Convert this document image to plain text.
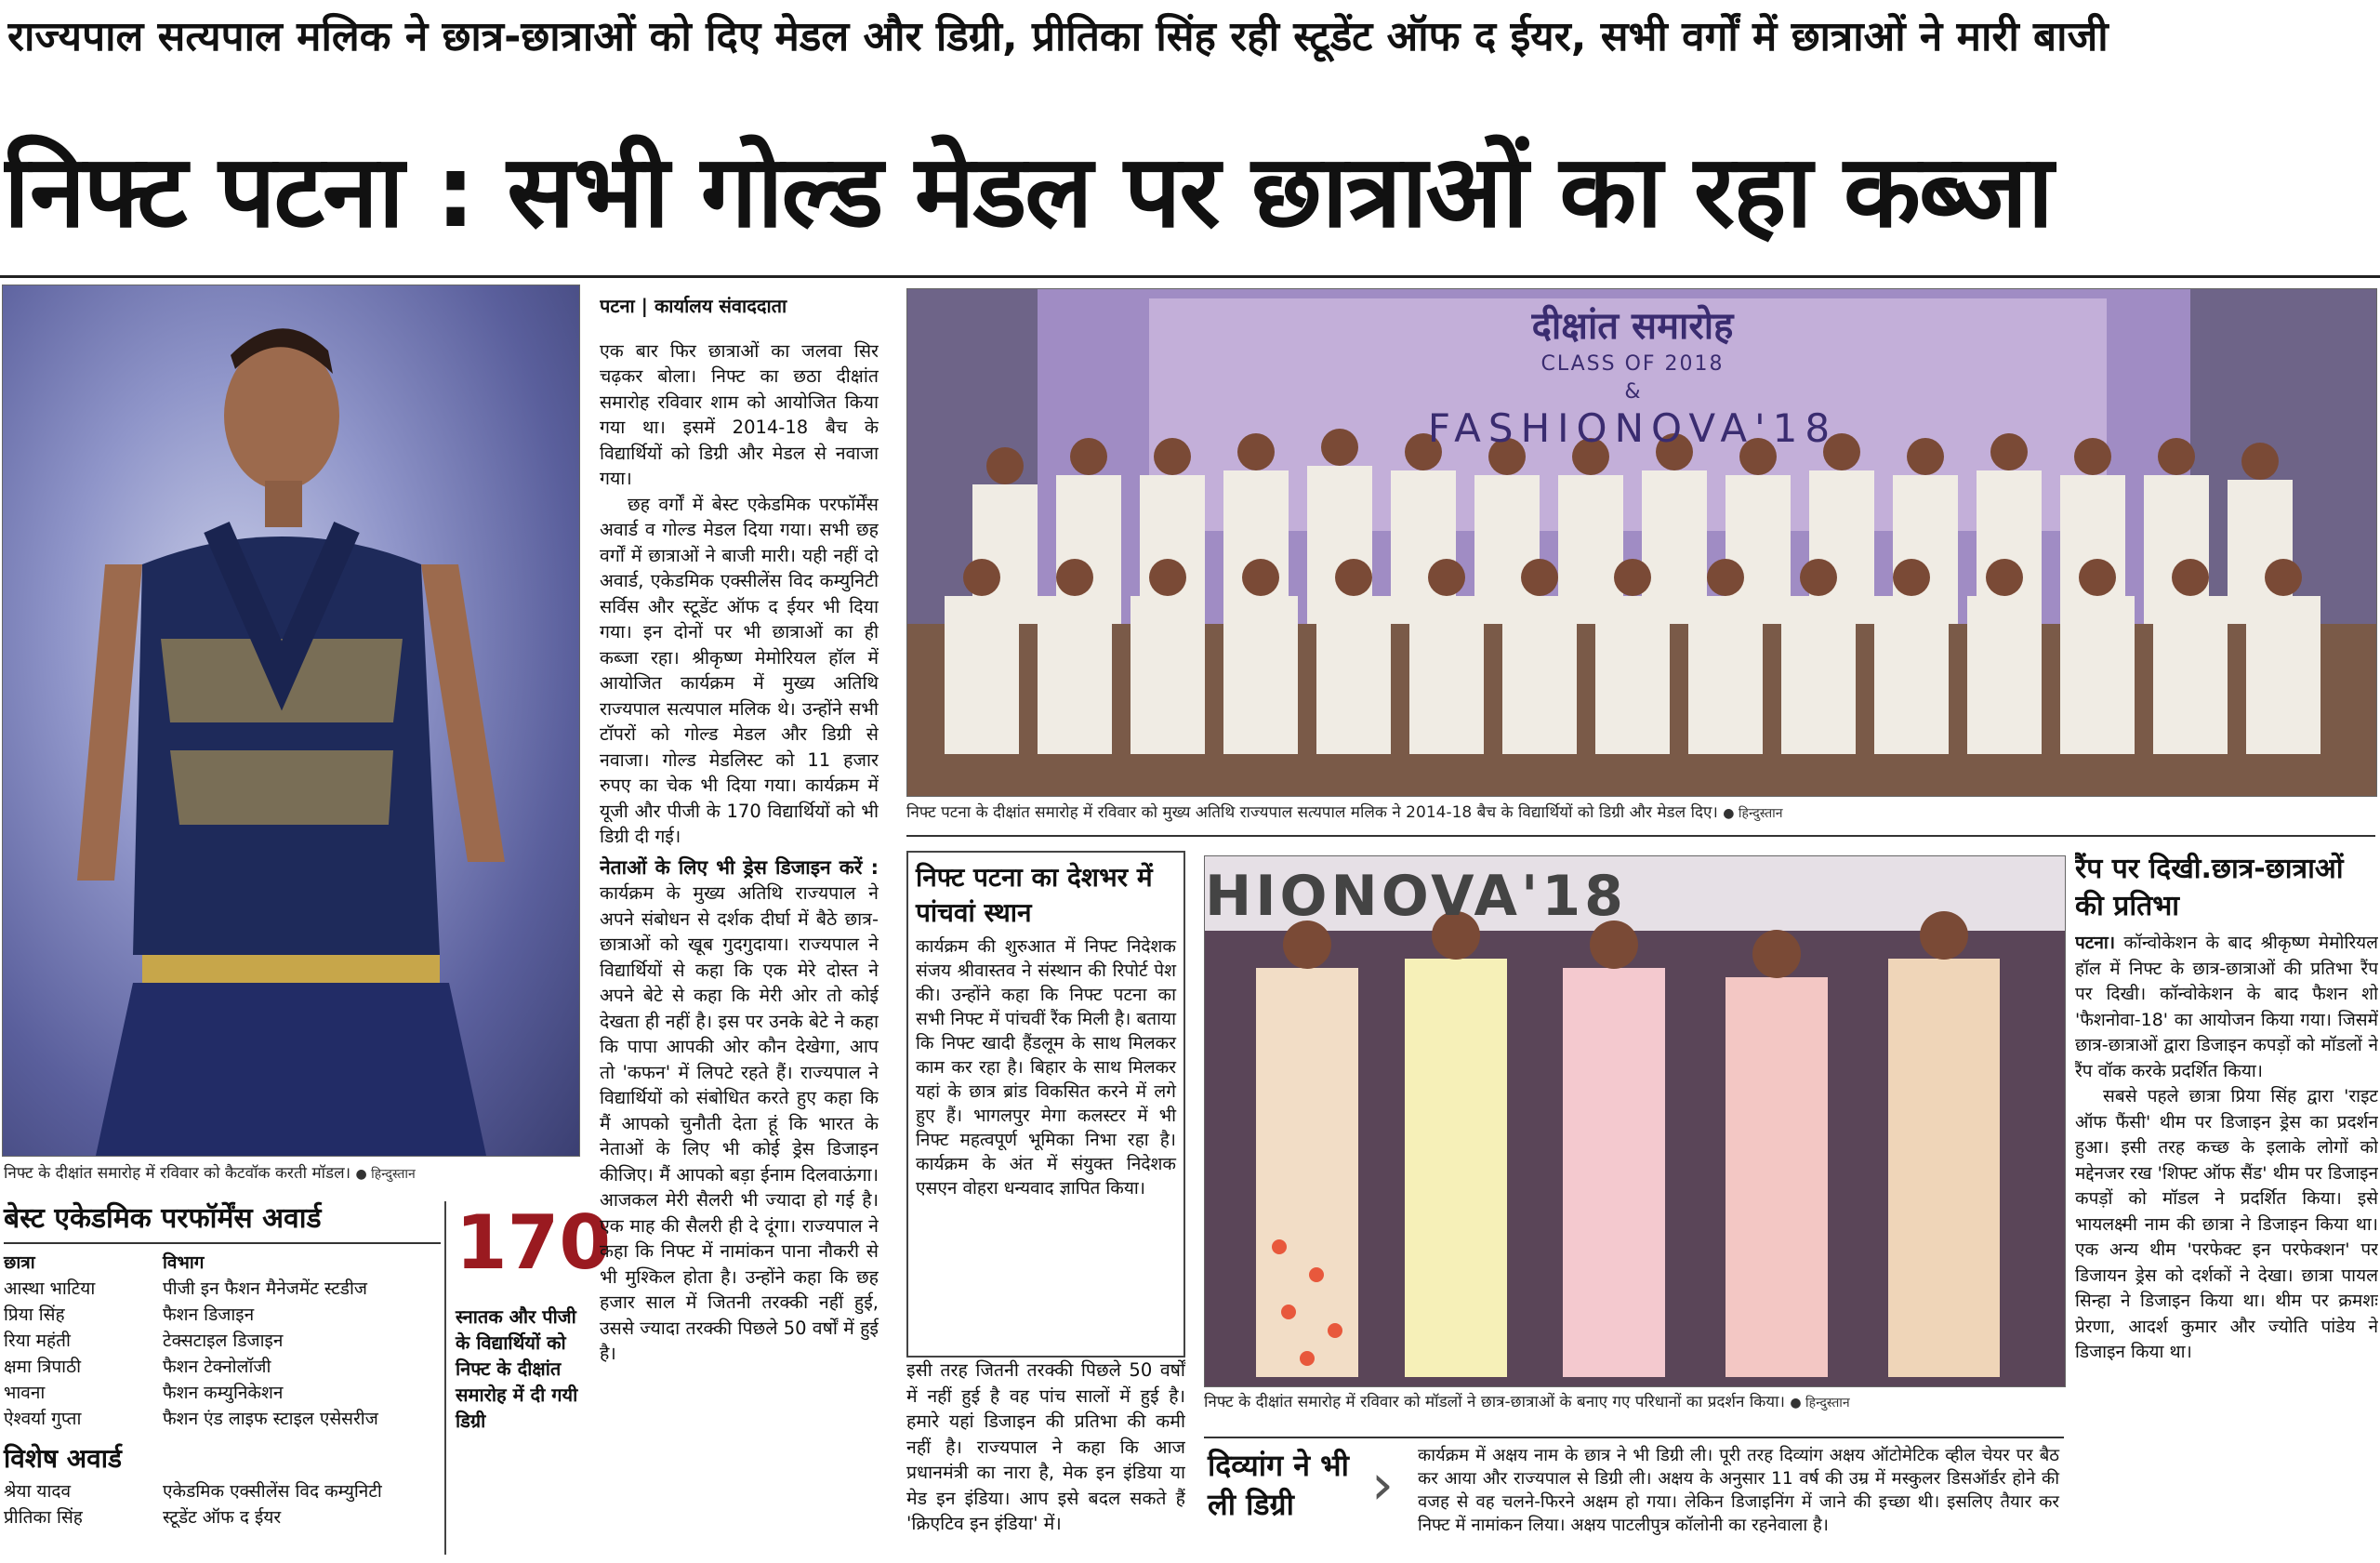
राज्यपाल सत्यपाल मलिक ने छात्र-छात्राओं को दिए मेडल और डिग्री, प्रीतिका सिंह रही स्टूडेंट ऑफ द ईयर, सभी वर्गों में छात्राओं ने मारी बाजी
निफ्ट पटना : सभी गोल्ड मेडल पर छात्राओं का रहा कब्जा
निफ्ट के दीक्षांत समारोह में रविवार को कैटवॉक करती मॉडल। ● हिन्दुस्तान
बेस्ट एकेडमिक परफॉर्मेंस अवार्ड
छात्रा	विभाग
आस्था भाटिया	पीजी इन फैशन मैनेजमेंट स्टडीज
प्रिया सिंह	फैशन डिजाइन
रिया महंती	टेक्सटाइल डिजाइन
क्षमा त्रिपाठी	फैशन टेक्नोलॉजी
भावना	फैशन कम्युनिकेशन
ऐश्वर्या गुप्ता	फैशन एंड लाइफ स्टाइल एसेसरीज
विशेष अवार्ड
श्रेया यादव	एकेडमिक एक्सीलेंस विद कम्युनिटी
प्रीतिका सिंह	स्टूडेंट ऑफ द ईयर
170
स्नातक और पीजी के विद्यार्थियों को निफ्ट के दीक्षांत समारोह में दी गयी डिग्री
पटना | कार्यालय संवाददाता

एक बार फिर छात्राओं का जलवा सिर चढ़कर बोला। निफ्ट का छठा दीक्षांत समारोह रविवार शाम को आयोजित किया गया था। इसमें 2014-18 बैच के विद्यार्थियों को डिग्री और मेडल से नवाजा गया।

छह वर्गों में बेस्ट एकेडमिक परफॉर्मेंस अवार्ड व गोल्ड मेडल दिया गया। सभी छह वर्गों में छात्राओं ने बाजी मारी। यही नहीं दो अवार्ड, एकेडमिक एक्सीलेंस विद कम्युनिटी सर्विस और स्टूडेंट ऑफ द ईयर भी दिया गया। इन दोनों पर भी छात्राओं का ही कब्जा रहा। श्रीकृष्ण मेमोरियल हॉल में आयोजित कार्यक्रम में मुख्य अतिथि राज्यपाल सत्यपाल मलिक थे। उन्होंने सभी टॉपरों को गोल्ड मेडल और डिग्री से नवाजा। गोल्ड मेडलिस्ट को 11 हजार रुपए का चेक भी दिया गया। कार्यक्रम में यूजी और पीजी के 170 विद्यार्थियों को भी डिग्री दी गई।

नेताओं के लिए भी ड्रेस डिजाइन करें : कार्यक्रम के मुख्य अतिथि राज्यपाल ने अपने संबोधन से दर्शक दीर्घा में बैठे छात्र-छात्राओं को खूब गुदगुदाया। राज्यपाल ने विद्यार्थियों से कहा कि एक मेरे दोस्त ने अपने बेटे से कहा कि मेरी ओर तो कोई देखता ही नहीं है। इस पर उनके बेटे ने कहा कि पापा आपकी ओर कौन देखेगा, आप तो 'कफन' में लिपटे रहते हैं। राज्यपाल ने विद्यार्थियों को संबोधित करते हुए कहा कि मैं आपको चुनौती देता हूं कि भारत के नेताओं के लिए भी कोई ड्रेस डिजाइन कीजिए। मैं आपको बड़ा ईनाम दिलवाऊंगा। आजकल मेरी सैलरी भी ज्यादा हो गई है। एक माह की सैलरी ही दे दूंगा। राज्यपाल ने कहा कि निफ्ट में नामांकन पाना नौकरी से भी मुश्किल होता है। उन्होंने कहा कि छह हजार साल में जितनी तरक्की नहीं हुई, उससे ज्यादा तरक्की पिछले 50 वर्षों में हुई है।

दीक्षांत समारोह
CLASS OF 2018
&
FASHIONOVA'18
निफ्ट पटना के दीक्षांत समारोह में रविवार को मुख्य अतिथि राज्यपाल सत्यपाल मलिक ने 2014-18 बैच के विद्यार्थियों को डिग्री और मेडल दिए। ● हिन्दुस्तान
निफ्ट पटना का देशभर में पांचवां स्थान
कार्यक्रम की शुरुआत में निफ्ट निदेशक संजय श्रीवास्तव ने संस्थान की रिपोर्ट पेश की। उन्होंने कहा कि निफ्ट पटना का सभी निफ्ट में पांचवीं रैंक मिली है। बताया कि निफ्ट खादी हैंडलूम के साथ मिलकर काम कर रहा है। बिहार के साथ मिलकर यहां के छात्र ब्रांड विकसित करने में लगे हुए हैं। भागलपुर मेगा कलस्टर में भी निफ्ट महत्वपूर्ण भूमिका निभा रहा है। कार्यक्रम के अंत में संयुक्त निदेशक एसएन वोहरा धन्यवाद ज्ञापित किया।

इसी तरह जितनी तरक्की पिछले 50 वर्षों में नहीं हुई है वह पांच सालों में हुई है। हमारे यहां डिजाइन की प्रतिभा की कमी नहीं है। राज्यपाल ने कहा कि आज प्रधानमंत्री का नारा है, मेक इन इंडिया या मेड इन इंडिया। आप इसे बदल सकते हैं 'क्रिएटिव इन इंडिया' में।

HIONOVA'18
निफ्ट के दीक्षांत समारोह में रविवार को मॉडलों ने छात्र-छात्राओं के बनाए गए परिधानों का प्रदर्शन किया। ● हिन्दुस्तान
दिव्यांग ने भी ली डिग्री	› कार्यक्रम में अक्षय नाम के छात्र ने भी डिग्री ली। पूरी तरह दिव्यांग अक्षय ऑटोमेटिक व्हील चेयर पर बैठ कर आया और राज्यपाल से डिग्री ली। अक्षय के अनुसार 11 वर्ष की उम्र में मस्कुलर डिसऑर्डर होने की वजह से वह चलने-फिरने अक्षम हो गया। लेकिन डिजाइनिंग में जाने की इच्छा थी। इसलिए तैयार कर निफ्ट में नामांकन लिया। अक्षय पाटलीपुत्र कॉलोनी का रहनेवाला है।
रैंप पर दिखी.छात्र-छात्राओं की प्रतिभा
पटना। कॉन्वोकेशन के बाद श्रीकृष्ण मेमोरियल हॉल में निफ्ट के छात्र-छात्राओं की प्रतिभा रैंप पर दिखी। कॉन्वोकेशन के बाद फैशन शो 'फैशनोवा-18' का आयोजन किया गया। जिसमें छात्र-छात्राओं द्वारा डिजाइन कपड़ों को मॉडलों ने रैंप वॉक करके प्रदर्शित किया।
सबसे पहले छात्रा प्रिया सिंह द्वारा 'राइट ऑफ फैंसी' थीम पर डिजाइन ड्रेस का प्रदर्शन हुआ। इसी तरह कच्छ के इलाके लोगों को मद्देनजर रख 'शिफ्ट ऑफ सैंड' थीम पर डिजाइन कपड़ों को मॉडल ने प्रदर्शित किया। इसे भायलक्ष्मी नाम की छात्रा ने डिजाइन किया था। एक अन्य थीम 'परफेक्ट इन परफेक्शन' पर डिजायन ड्रेस को दर्शकों ने देखा। छात्रा पायल सिन्हा ने डिजाइन किया था। थीम पर क्रमशः प्रेरणा, आदर्श कुमार और ज्योति पांडेय ने डिजाइन किया था।
